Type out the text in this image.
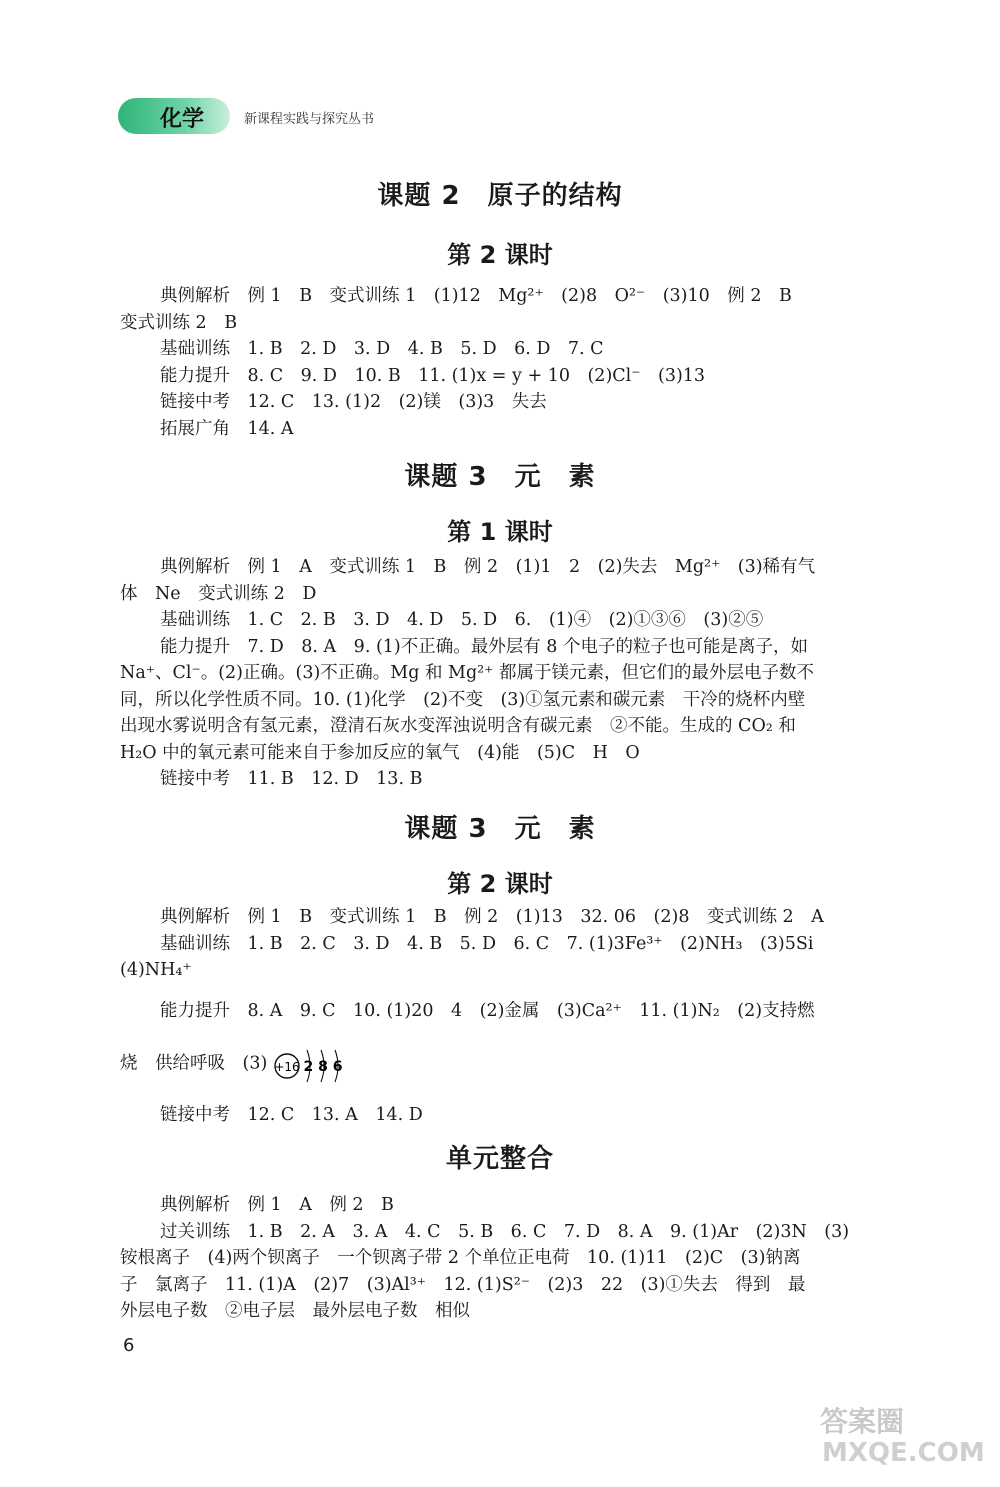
化学	新课程实践与探究丛书
课题 2　原子的结构
第 2 课时
典例解析　例 1　B　变式训练 1　(1)12　Mg²⁺　(2)8　O²⁻　(3)10　例 2　B
变式训练 2　B
基础训练　1. B　2. D　3. D　4. B　5. D　6. D　7. C
能力提升　8. C　9. D　10. B　11. (1)x = y + 10　(2)Cl⁻　(3)13
链接中考　12. C　13. (1)2　(2)镁　(3)3　失去
拓展广角　14. A
课题 3　元　素
第 1 课时
典例解析　例 1　A　变式训练 1　B　例 2　(1)1　2　(2)失去　Mg²⁺　(3)稀有气
体　Ne　变式训练 2　D
基础训练　1. C　2. B　3. D　4. D　5. D　6.　(1)④　(2)①③⑥　(3)②⑤
能力提升　7. D　8. A　9. (1)不正确。最外层有 8 个电子的粒子也可能是离子，如
Na⁺、Cl⁻。(2)正确。(3)不正确。Mg 和 Mg²⁺ 都属于镁元素，但它们的最外层电子数不
同，所以化学性质不同。10. (1)化学　(2)不变　(3)①氢元素和碳元素　干冷的烧杯内壁
出现水雾说明含有氢元素，澄清石灰水变浑浊说明含有碳元素　②不能。生成的 CO₂ 和
H₂O 中的氧元素可能来自于参加反应的氧气　(4)能　(5)C　H　O
链接中考　11. B　12. D　13. B
课题 3　元　素
第 2 课时
典例解析　例 1　B　变式训练 1　B　例 2　(1)13　32. 06　(2)8　变式训练 2　A
基础训练　1. B　2. C　3. D　4. B　5. D　6. C　7. (1)3Fe³⁺　(2)NH₃　(3)5Si
(4)NH₄⁺
能力提升　8. A　9. C　10. (1)20　4　(2)金属　(3)Ca²⁺　11. (1)N₂　(2)支持燃
烧　供给呼吸　(3) +16 2 8 6
链接中考　12. C　13. A　14. D
单元整合
典例解析　例 1　A　例 2　B
过关训练　1. B　2. A　3. A　4. C　5. B　6. C　7. D　8. A　9. (1)Ar　(2)3N　(3)
铵根离子　(4)两个钡离子　一个钡离子带 2 个单位正电荷　10. (1)11　(2)C　(3)钠离
子　氯离子　11. (1)A　(2)7　(3)Al³⁺　12. (1)S²⁻　(2)3　22　(3)①失去　得到　最
外层电子数　②电子层　最外层电子数　相似
6
答案圈
MXQE.COM
